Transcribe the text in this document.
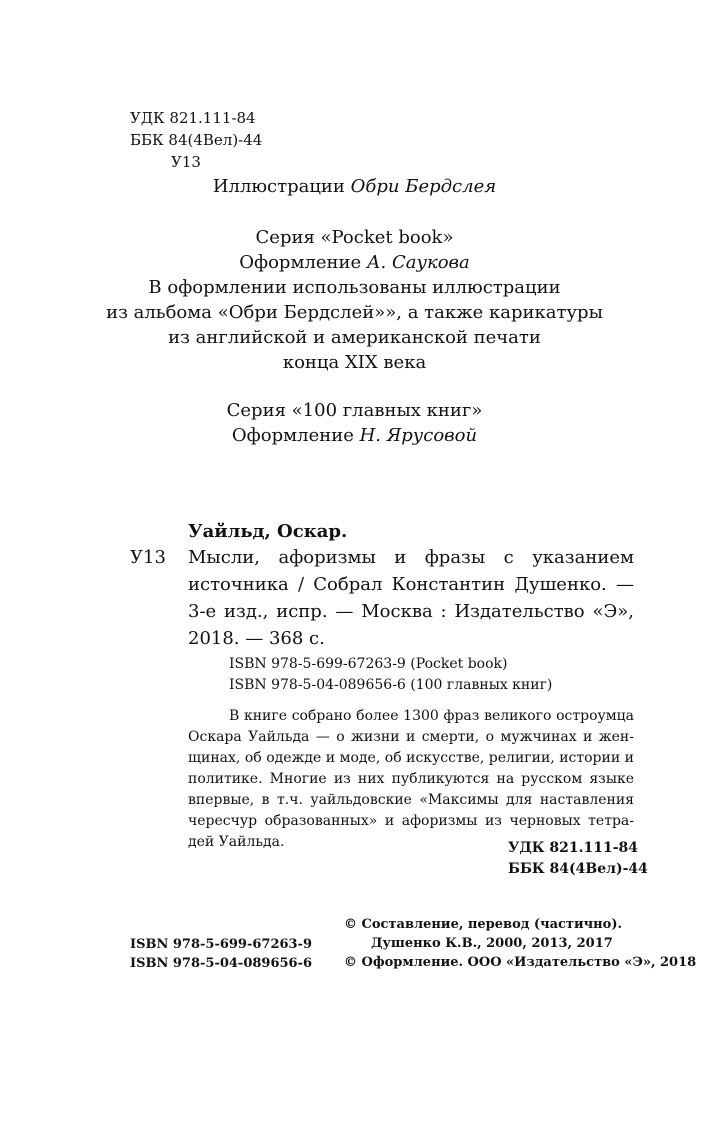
УДК 821.111-84
ББК 84(4Вел)-44
У13
Иллюстрации Обри Бердслея
Серия «Pocket book»
Оформление А. Саукова
В оформлении использованы иллюстрации
из альбома «Обри Бердслей»», а также карикатуры
из английской и американской печати
конца XIX века
Серия «100 главных книг»
Оформление Н. Ярусовой
Уайльд, Оскар.
У13 Мысли, афоризмы и фразы с указанием
источника / Собрал Константин Душенко. —
3-е изд., испр. — Москва : Издательство «Э»,
2018. — 368 с.
ISBN 978-5-699-67263-9 (Pocket book)
ISBN 978-5-04-089656-6 (100 главных книг)
В книге собрано более 1300 фраз великого остроумца
Оскара Уайльда — о жизни и смерти, о мужчинах и жен-
щинах, об одежде и моде, об искусстве, религии, истории и
политике. Многие из них публикуются на русском языке
впервые, в т.ч. уайльдовские «Максимы для наставления
чересчур образованных» и афоризмы из черновых тетра-
дей Уайльда.	УДК 821.111-84
ББК 84(4Вел)-44
ISBN 978-5-699-67263-9
ISBN 978-5-04-089656-6
© Составление, перевод (частично).
Душенко К.В., 2000, 2013, 2017
© Оформление. ООО «Издательство «Э», 2018
